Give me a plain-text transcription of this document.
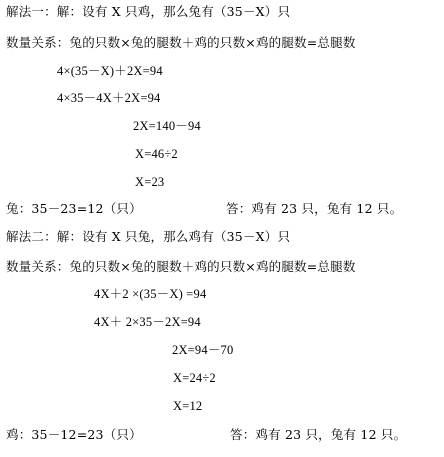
解法一：解：设有 X 只鸡，那么兔有（35－X）只
数量关系：兔的只数×兔的腿数＋鸡的只数×鸡的腿数=总腿数
4×(35－X)＋2X=94
4×35－4X＋2X=94
2X=140－94
X=46÷2
X=23
兔：35－23=12（只）	答：鸡有 23 只，兔有 12 只。
解法二：解：设有 X 只兔，那么鸡有（35－X）只
数量关系：兔的只数×兔的腿数＋鸡的只数×鸡的腿数=总腿数
4X＋2 ×(35－X) =94
4X＋ 2×35－2X=94
2X=94－70
X=24÷2
X=12
鸡：35－12=23（只）	答：鸡有 23 只，兔有 12 只。
